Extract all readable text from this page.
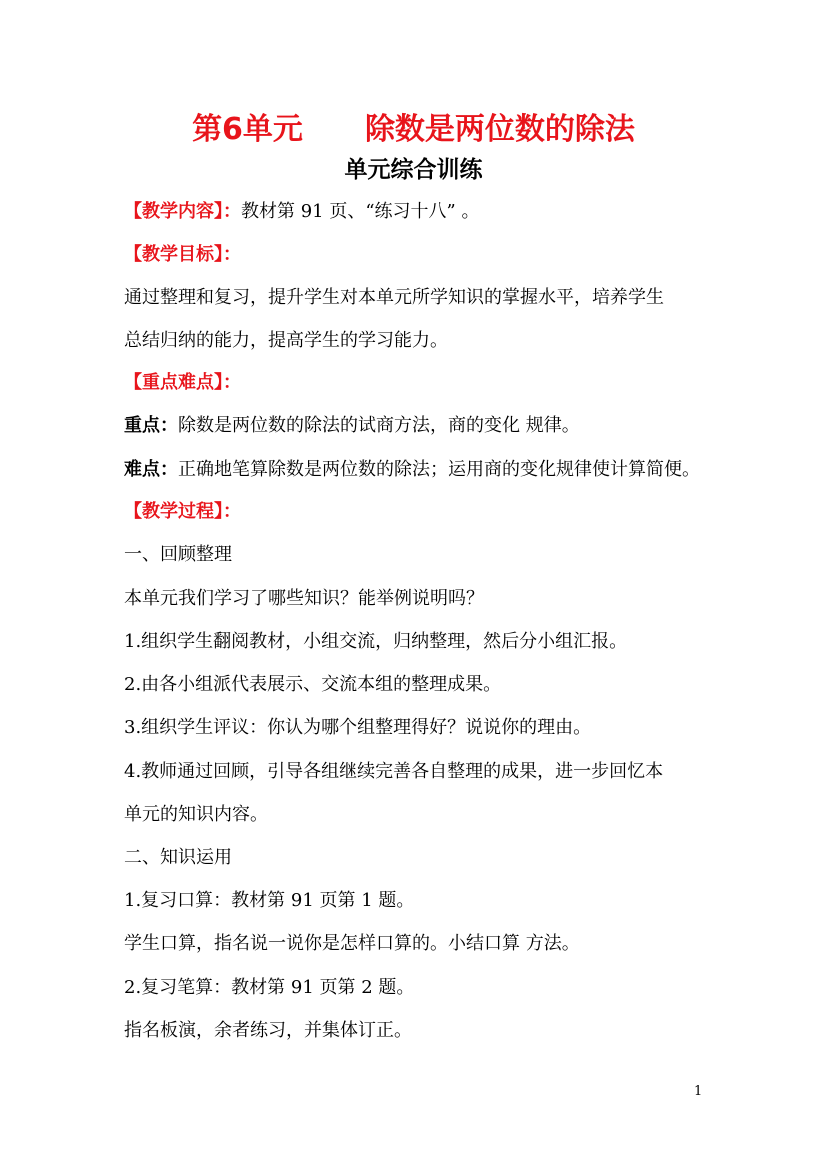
第6单元 除数是两位数的除法
单元综合训练
【教学内容】：教材第 91 页、“练习十八” 。
【教学目标】：
通过整理和复习，提升学生对本单元所学知识的掌握水平，培养学生
总结归纳的能力，提高学生的学习能力。
【重点难点】：
重点：除数是两位数的除法的试商方法，商的变化 规律。
难点：正确地笔算除数是两位数的除法；运用商的变化规律使计算简便。
【教学过程】：
一、回顾整理
本单元我们学习了哪些知识？能举例说明吗？
1.组织学生翻阅教材，小组交流，归纳整理，然后分小组汇报。
2.由各小组派代表展示、交流本组的整理成果。
3.组织学生评议：你认为哪个组整理得好？说说你的理由。
4.教师通过回顾，引导各组继续完善各自整理的成果，进一步回忆本
单元的知识内容。
二、知识运用
1.复习口算：教材第 91 页第 1 题。
学生口算，指名说一说你是怎样口算的。小结口算 方法。
2.复习笔算：教材第 91 页第 2 题。
指名板演，余者练习，并集体订正。
1
